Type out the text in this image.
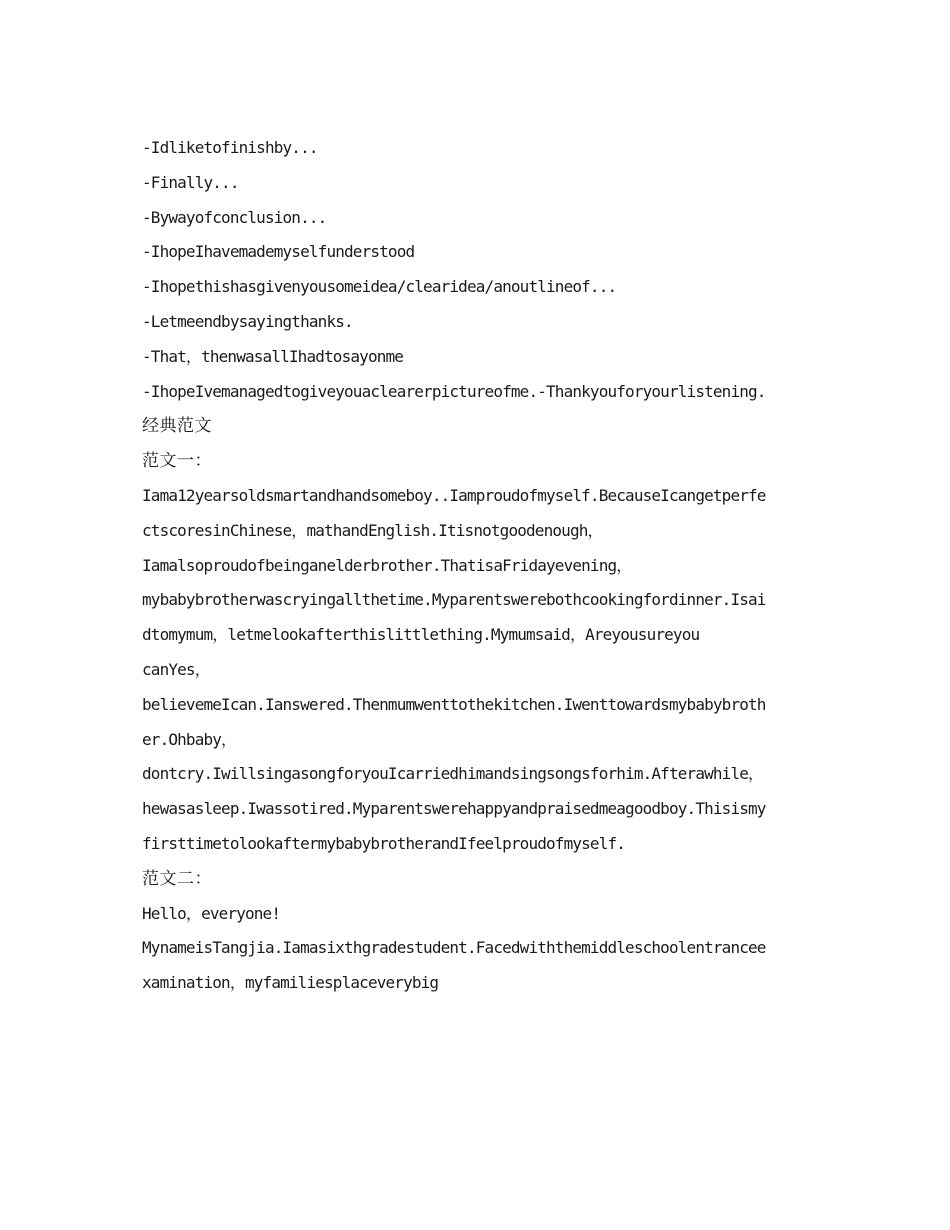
-Idliketofinishby...
-Finally...
-Bywayofconclusion...
-IhopeIhavemademyselfunderstood
-Ihopethishasgivenyousomeidea/clearidea/anoutlineof...
-Letmeendbysayingthanks.
-That，thenwasallIhadtosayonme
-IhopeIvemanagedtogiveyouaclearerpictureofme.-Thankyouforyourlistening.
经典范文
范文一：
Iama12yearsoldsmartandhandsomeboy..Iamproudofmyself.BecauseIcangetperfe
ctscoresinChinese，mathandEnglish.Itisnotgoodenough，
Iamalsoproudofbeinganelderbrother.ThatisaFridayevening，
mybabybrotherwascryingallthetime.Myparentswerebothcookingfordinner.Isai
dtomymum，letmelookafterthislittlething.Mymumsaid，Areyousureyou
canYes，
believemeIcan.Ianswered.Thenmumwenttothekitchen.Iwenttowardsmybabybroth
er.Ohbaby，
dontcry.IwillsingasongforyouIcarriedhimandsingsongsforhim.Afterawhile，
hewasasleep.Iwassotired.Myparentswerehappyandpraisedmeagoodboy.Thisismy
firsttimetolookaftermybabybrotherandIfeelproudofmyself.
范文二：
Hello，everyone!
MynameisTangjia.Iamasixthgradestudent.Facedwiththemiddleschoolentrancee
xamination，myfamiliesplaceverybig
